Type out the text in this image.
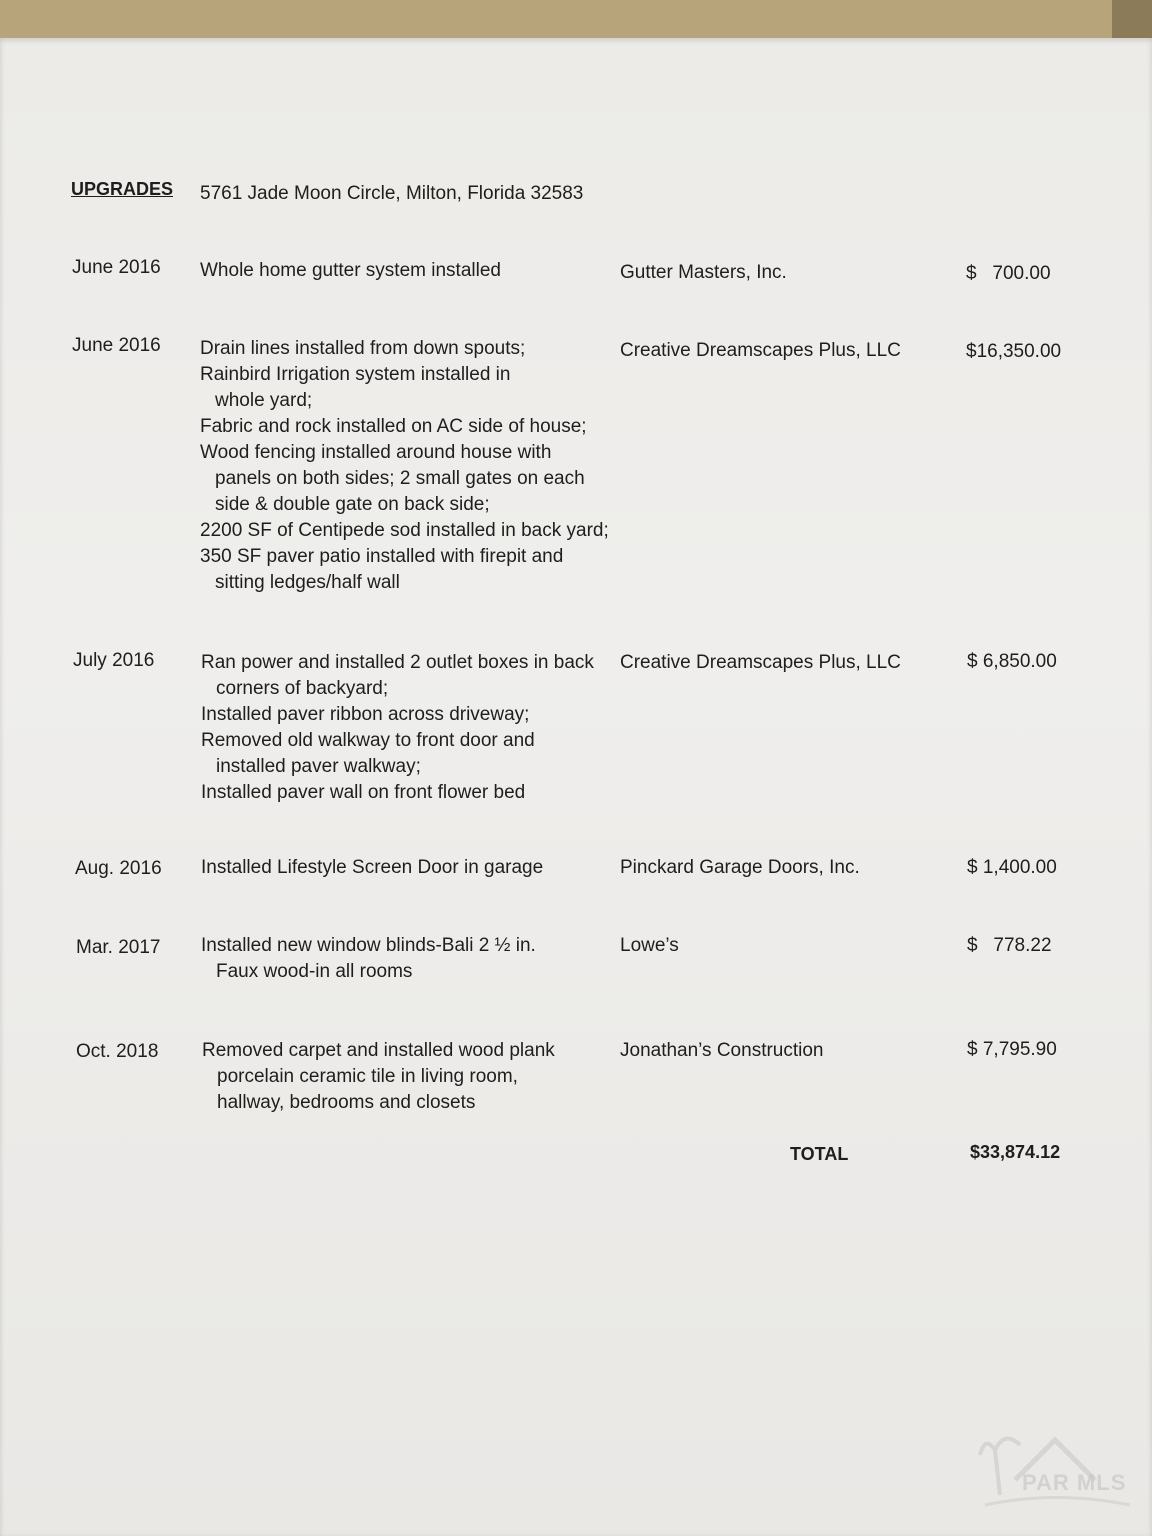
UPGRADES 5761 Jade Moon Circle, Milton, Florida 32583
June 2016 Whole home gutter system installed	Gutter Masters, Inc.	$   700.00
June 2016 Drain lines installed from down spouts;
Rainbird Irrigation system installed in
whole yard;
Fabric and rock installed on AC side of house;
Wood fencing installed around house with
panels on both sides; 2 small gates on each
side & double gate on back side;
2200 SF of Centipede sod installed in back yard;
350 SF paver patio installed with firepit and
sitting ledges/half wall
Creative Dreamscapes Plus, LLC	$16,350.00
July 2016 Ran power and installed 2 outlet boxes in back
corners of backyard;
Installed paver ribbon across driveway;
Removed old walkway to front door and
installed paver walkway;
Installed paver wall on front flower bed
Creative Dreamscapes Plus, LLC	$ 6,850.00
Aug. 2016 Installed Lifestyle Screen Door in garage	Pinckard Garage Doors, Inc.	$ 1,400.00
Mar. 2017 Installed new window blinds-Bali 2 ½ in.
Faux wood-in all rooms
Lowe’s	$   778.22
Oct. 2018 Removed carpet and installed wood plank
porcelain ceramic tile in living room,
hallway, bedrooms and closets
Jonathan’s Construction	$ 7,795.90
TOTAL	$33,874.12
PAR MLS
